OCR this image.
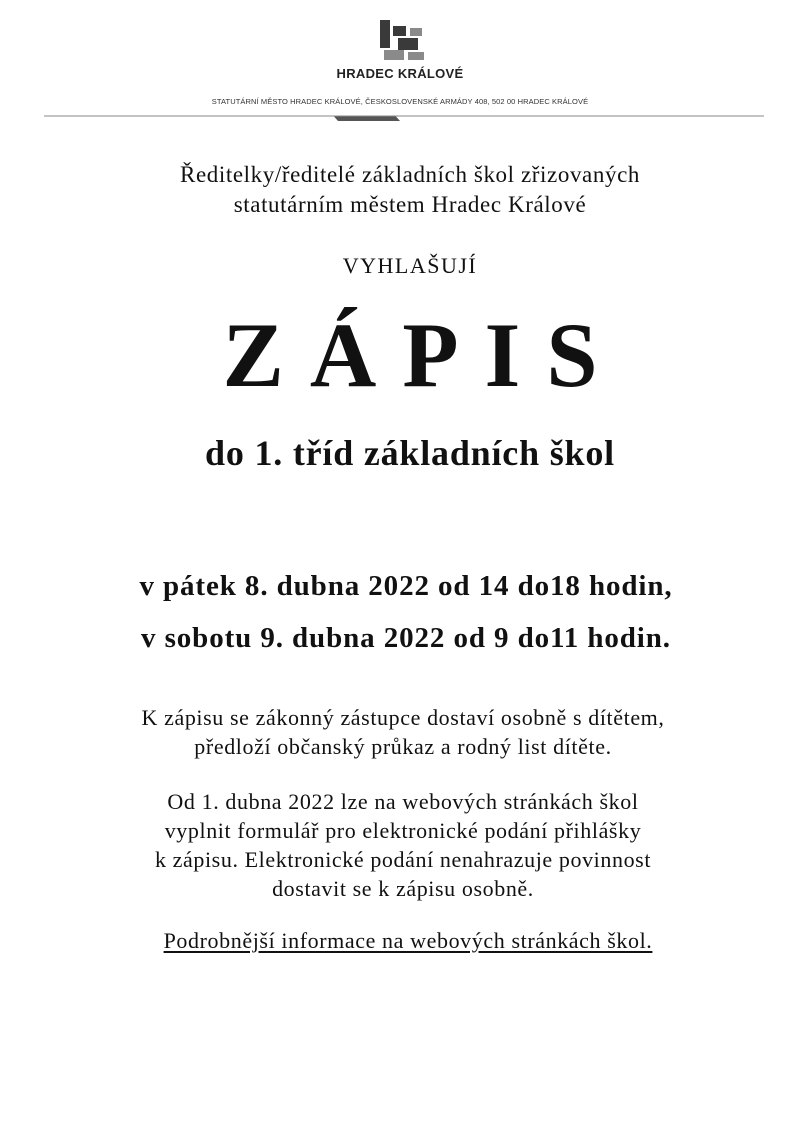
HRADEC KRÁLOVÉ
STATUTÁRNÍ MĚSTO HRADEC KRÁLOVÉ, ČESKOSLOVENSKÉ ARMÁDY 408, 502 00 HRADEC KRÁLOVÉ
Ředitelky/ředitelé základních škol zřizovaných
statutárním městem Hradec Králové
VYHLAŠUJÍ
ZÁPIS
do 1. tříd základních škol
v pátek 8. dubna 2022 od 14 do18 hodin,
v sobotu 9. dubna 2022 od 9 do11 hodin.
K zápisu se zákonný zástupce dostaví osobně s dítětem,
předloží občanský průkaz a rodný list dítěte.
Od 1. dubna 2022 lze na webových stránkách škol
vyplnit formulář pro elektronické podání přihlášky
k zápisu. Elektronické podání nenahrazuje povinnost
dostavit se k zápisu osobně.
Podrobnější informace na webových stránkách škol.
